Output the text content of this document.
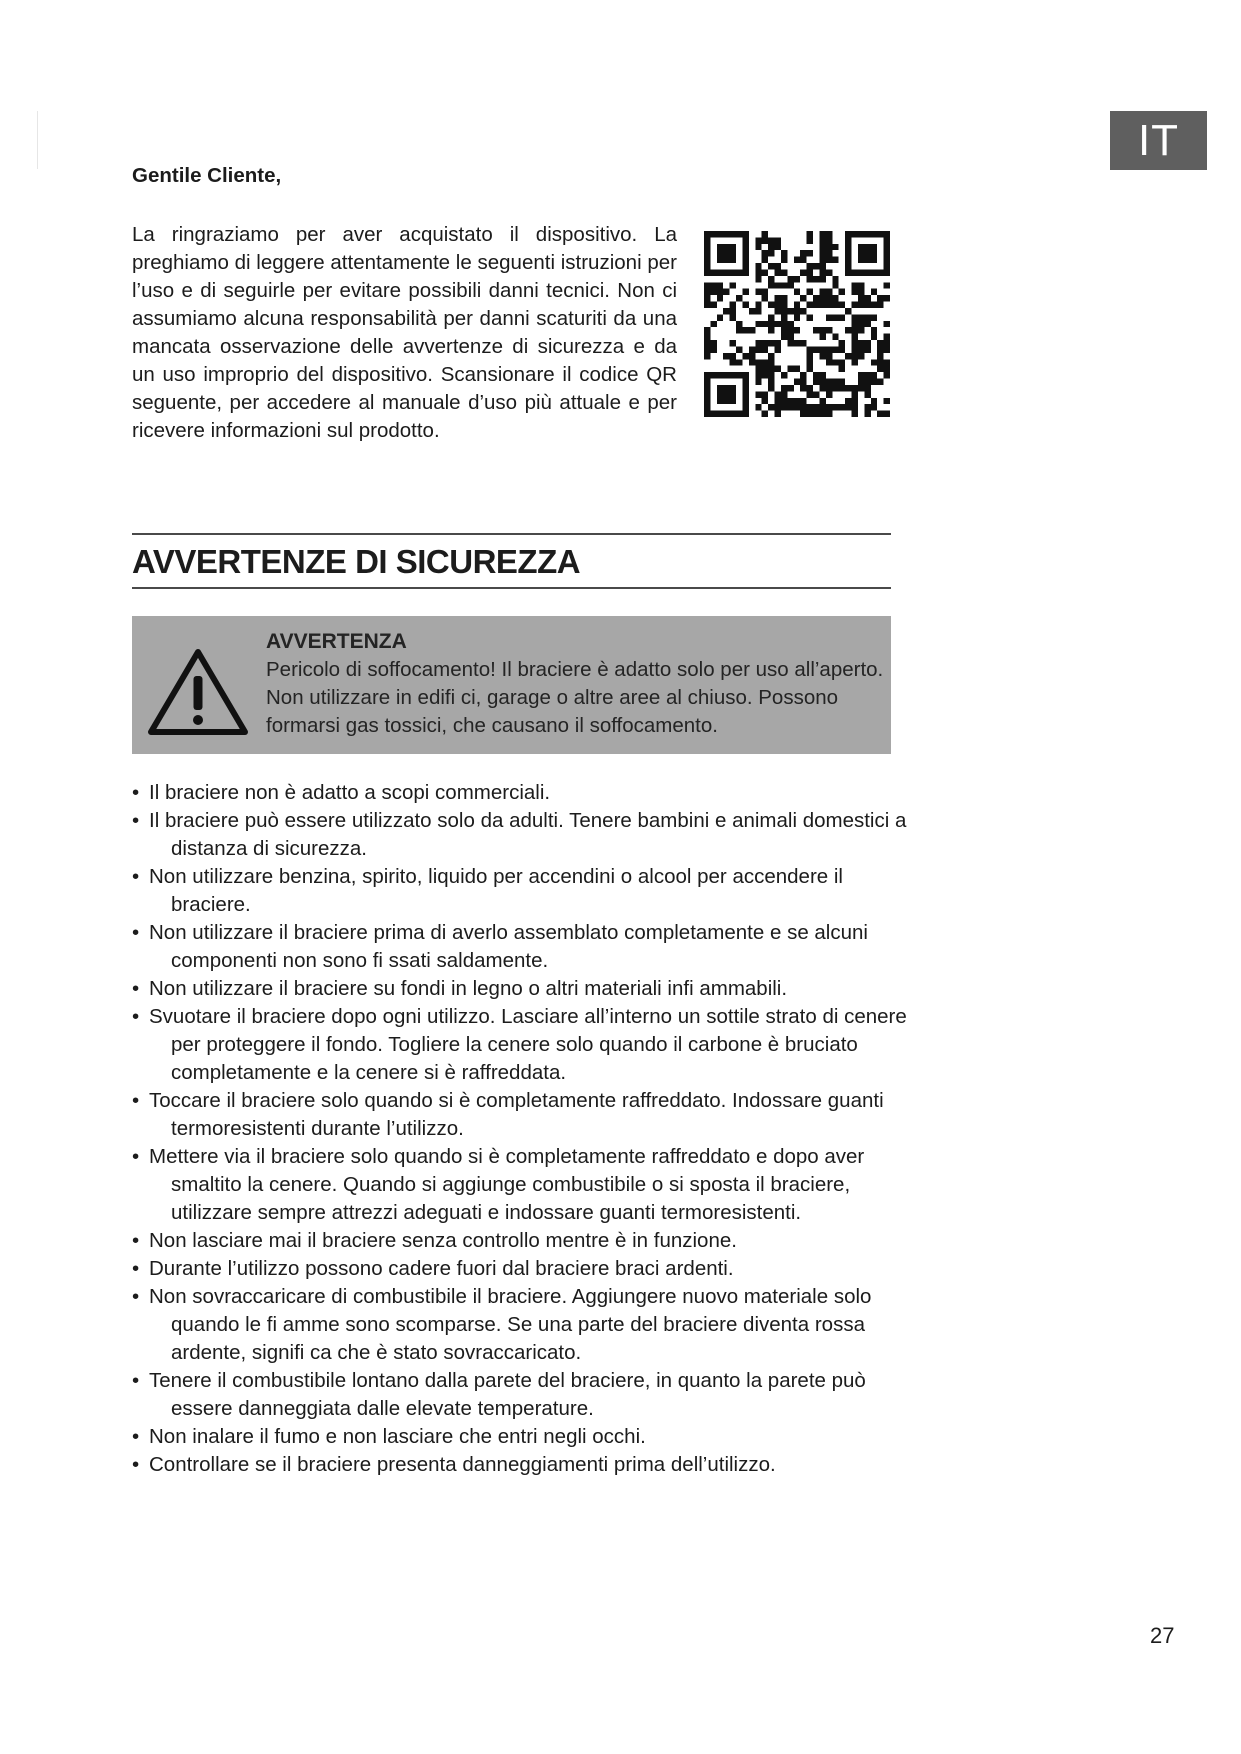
IT

Gentile Cliente,

La ringraziamo per aver acquistato il dispositivo. La preghiamo di leggere attentamente le seguenti istruzioni per l’uso e di seguirle per evitare possibili danni tecnici. Non ci assumiamo alcuna responsabilità per danni scaturiti da una mancata osservazione delle avvertenze di sicurezza e da un uso improprio del dispositivo. Scansionare il codice QR seguente, per accedere al manuale d’uso più attuale e per ricevere informazioni sul prodotto.

AVVERTENZE DI SICUREZZA
AVVERTENZA

Pericolo di soffocamento! Il braciere è adatto solo per uso all’aperto. Non utilizzare in edifi ci, garage o altre aree al chiuso. Possono formarsi gas tossici, che causano il soffocamento.

• Il braciere non è adatto a scopi commerciali.
• Il braciere può essere utilizzato solo da adulti. Tenere bambini e animali domestici a distanza di sicurezza.
• Non utilizzare benzina, spirito, liquido per accendini o alcool per accendere il braciere.
• Non utilizzare il braciere prima di averlo assemblato completamente e se alcuni componenti non sono fi ssati saldamente.
• Non utilizzare il braciere su fondi in legno o altri materiali infi ammabili.
• Svuotare il braciere dopo ogni utilizzo. Lasciare all’interno un sottile strato di cenere per proteggere il fondo. Togliere la cenere solo quando il carbone è bruciato completamente e la cenere si è raffreddata.
• Toccare il braciere solo quando si è completamente raffreddato. Indossare guanti termoresistenti durante l’utilizzo.
• Mettere via il braciere solo quando si è completamente raffreddato e dopo aver smaltito la cenere. Quando si aggiunge combustibile o si sposta il braciere, utilizzare sempre attrezzi adeguati e indossare guanti termoresistenti.
• Non lasciare mai il braciere senza controllo mentre è in funzione.
• Durante l’utilizzo possono cadere fuori dal braciere braci ardenti.
• Non sovraccaricare di combustibile il braciere. Aggiungere nuovo materiale solo quando le fi amme sono scomparse. Se una parte del braciere diventa rossa ardente, signifi ca che è stato sovraccaricato.
• Tenere il combustibile lontano dalla parete del braciere, in quanto la parete può essere danneggiata dalle elevate temperature.
• Non inalare il fumo e non lasciare che entri negli occhi.
• Controllare se il braciere presenta danneggiamenti prima dell’utilizzo.
27
